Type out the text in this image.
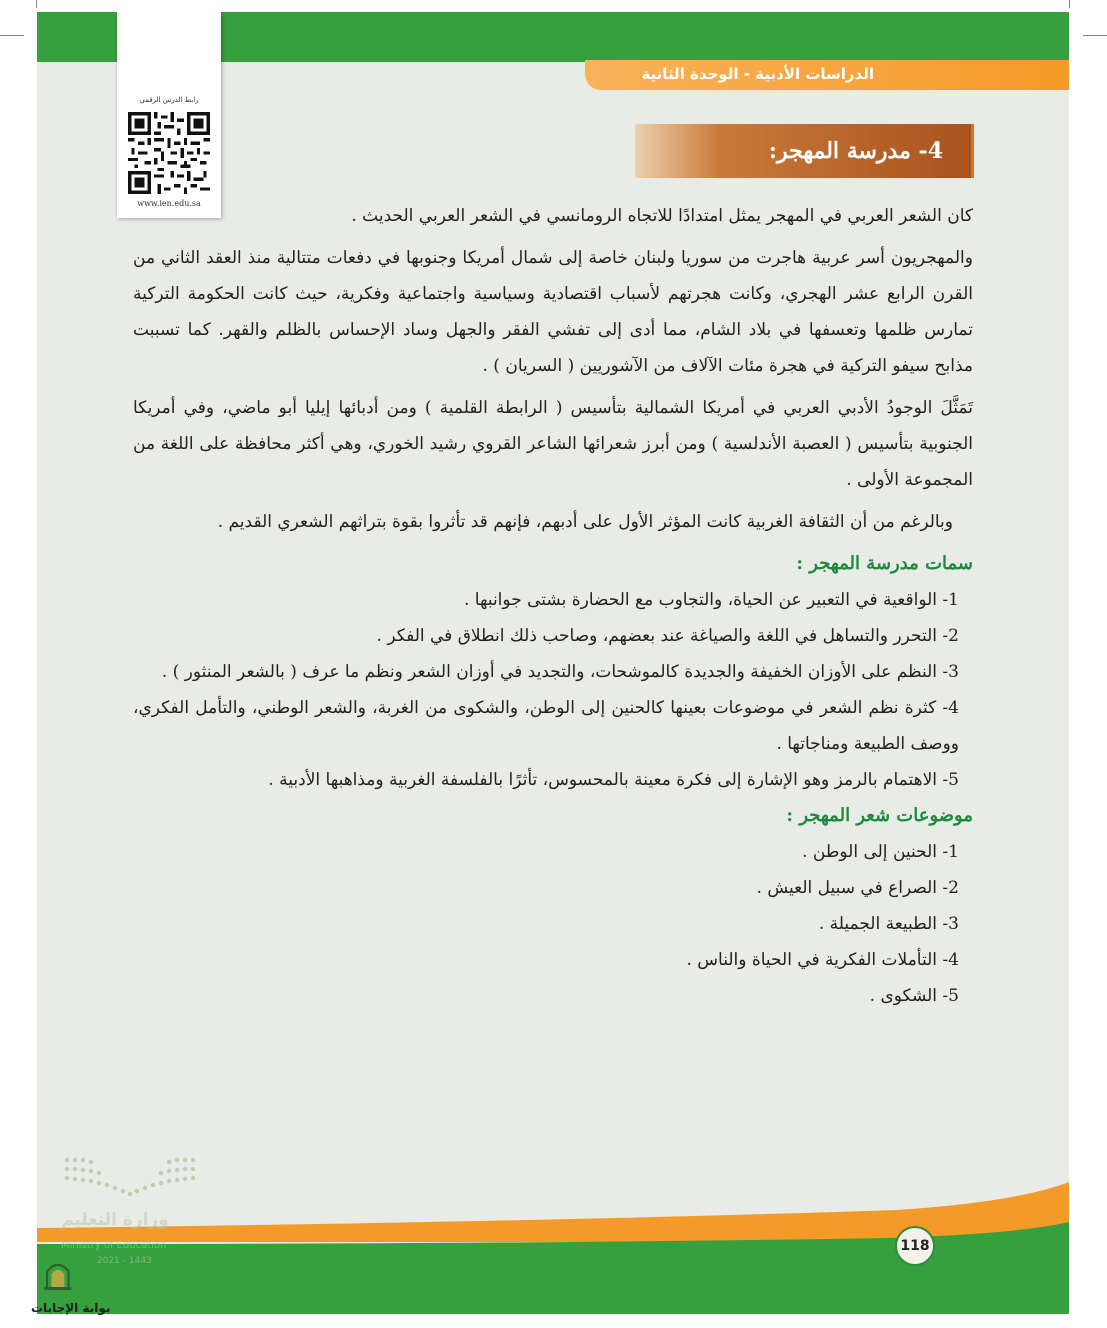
الدراسات الأدبية - الوحدة الثانية
رابط الدرس الرقمي
www.ien.edu.sa
4- مدرسة المهجر:

كان الشعر العربي في المهجر يمثل امتدادًا للاتجاه الرومانسي في الشعر العربي الحديث .

والمهجريون أسر عربية هاجرت من سوريا ولبنان خاصة إلى شمال أمريكا وجنوبها في دفعات متتالية منذ العقد الثاني من القرن الرابع عشر الهجري، وكانت هجرتهم لأسباب اقتصادية وسياسية واجتماعية وفكرية، حيث كانت الحكومة التركية تمارس ظلمها وتعسفها في بلاد الشام، مما أدى إلى تفشي الفقر والجهل وساد الإحساس بالظلم والقهر. كما تسببت مذابح سيفو التركية في هجرة مئات الآلاف من الآشوريين ( السريان ) .

تَمَثَّلَ الوجودُ الأدبي العربي في أمريكا الشمالية بتأسيس ( الرابطة القلمية ) ومن أدبائها إيليا أبو ماضي، وفي أمريكا الجنوبية بتأسيس ( العصبة الأندلسية ) ومن أبرز شعرائها الشاعر القروي رشيد الخوري، وهي أكثر محافظة على اللغة من المجموعة الأولى .

وبالرغم من أن الثقافة الغربية كانت المؤثر الأول على أدبهم، فإنهم قد تأثروا بقوة بتراثهم الشعري القديم .

سمات مدرسة المهجر :

1- الواقعية في التعبير عن الحياة، والتجاوب مع الحضارة بشتى جوانبها .

2- التحرر والتساهل في اللغة والصياغة عند بعضهم، وصاحب ذلك انطلاق في الفكر .

3- النظم على الأوزان الخفيفة والجديدة كالموشحات، والتجديد في أوزان الشعر ونظم ما عرف ( بالشعر المنثور ) .

4- كثرة نظم الشعر في موضوعات بعينها كالحنين إلى الوطن، والشكوى من الغربة، والشعر الوطني، والتأمل الفكري، ووصف الطبيعة ومناجاتها .

5- الاهتمام بالرمز وهو الإشارة إلى فكرة معينة بالمحسوس، تأثرًا بالفلسفة الغربية ومذاهبها الأدبية .

موضوعات شعر المهجر :

1- الحنين إلى الوطن .

2- الصراع في سبيل العيش .

3- الطبيعة الجميلة .

4- التأملات الفكرية في الحياة والناس .

5- الشكوى .

وزارة التعليم
Ministry of Education
2021 - 1443
118
بوابة الإجابات
